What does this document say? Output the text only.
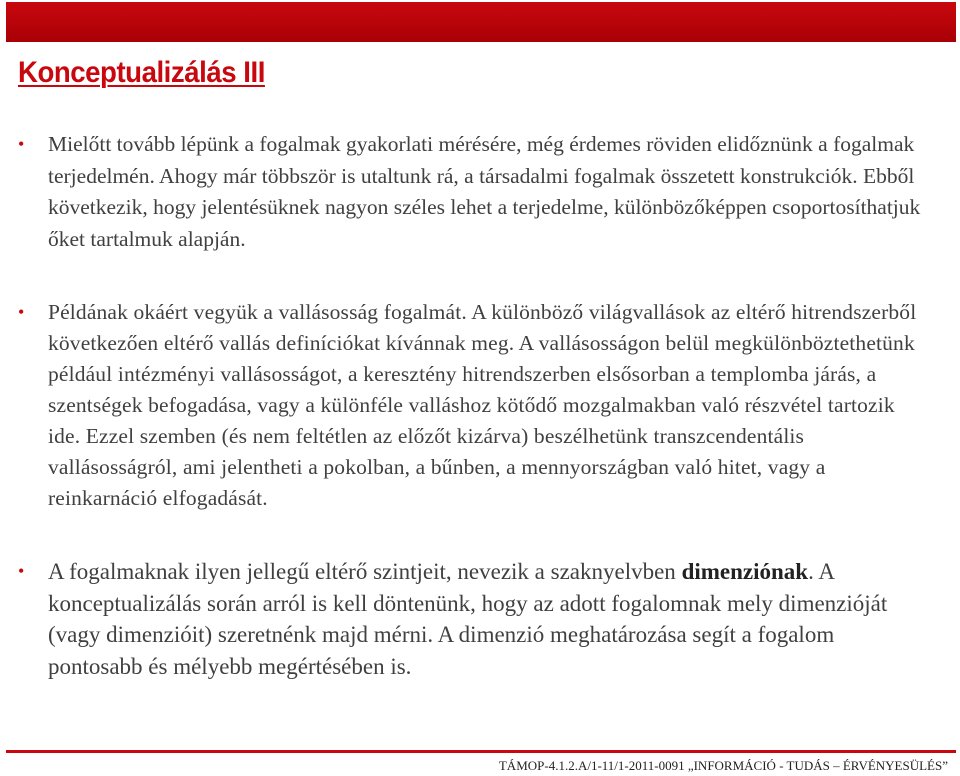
Konceptualizálás III
• Mielőtt tovább lépünk a fogalmak gyakorlati mérésére, még érdemes röviden elidőznünk a fogalmak terjedelmén. Ahogy már többször is utaltunk rá, a társadalmi fogalmak összetett konstrukciók. Ebből következik, hogy jelentésüknek nagyon széles lehet a terjedelme, különbözőképpen csoportosíthatjuk őket tartalmuk alapján.
• Példának okáért vegyük a vallásosság fogalmát. A különböző világvallások az eltérő hitrendszerből következően eltérő vallás definíciókat kívánnak meg. A vallásosságon belül megkülönböztethetünk például intézményi vallásosságot, a keresztény hitrendszerben elsősorban a templomba járás, a szentségek befogadása, vagy a különféle valláshoz kötődő mozgalmakban való részvétel tartozik ide. Ezzel szemben (és nem feltétlen az előzőt kizárva) beszélhetünk transzcendentális vallásosságról, ami jelentheti a pokolban, a bűnben, a mennyországban való hitet, vagy a reinkarnáció elfogadását.
• A fogalmaknak ilyen jellegű eltérő szintjeit, nevezik a szaknyelvben dimenziónak. A konceptualizálás során arról is kell döntenünk, hogy az adott fogalomnak mely dimenzióját (vagy dimenzióit) szeretnénk majd mérni. A dimenzió meghatározása segít a fogalom pontosabb és mélyebb megértésében is.
TÁMOP-4.1.2.A/1-11/1-2011-0091 „INFORMÁCIÓ - TUDÁS – ÉRVÉNYESÜLÉS”
